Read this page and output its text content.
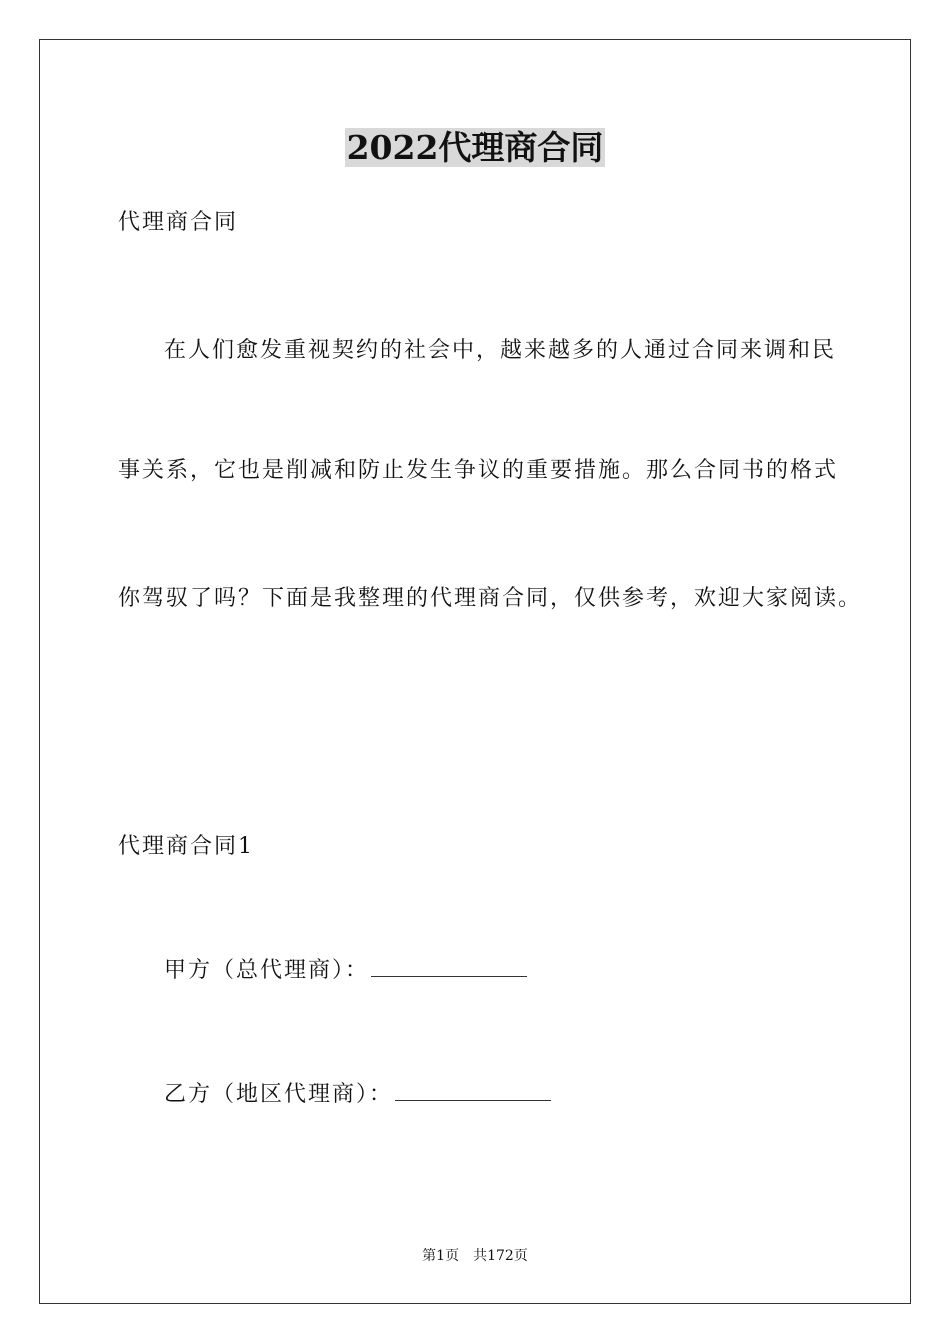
2022代理商合同
代理商合同
在人们愈发重视契约的社会中，越来越多的人通过合同来调和民
事关系，它也是削减和防止发生争议的重要措施。那么合同书的格式
你驾驭了吗？下面是我整理的代理商合同，仅供参考，欢迎大家阅读。
代理商合同1
甲方（总代理商）：
乙方（地区代理商）：
第1页 共172页
